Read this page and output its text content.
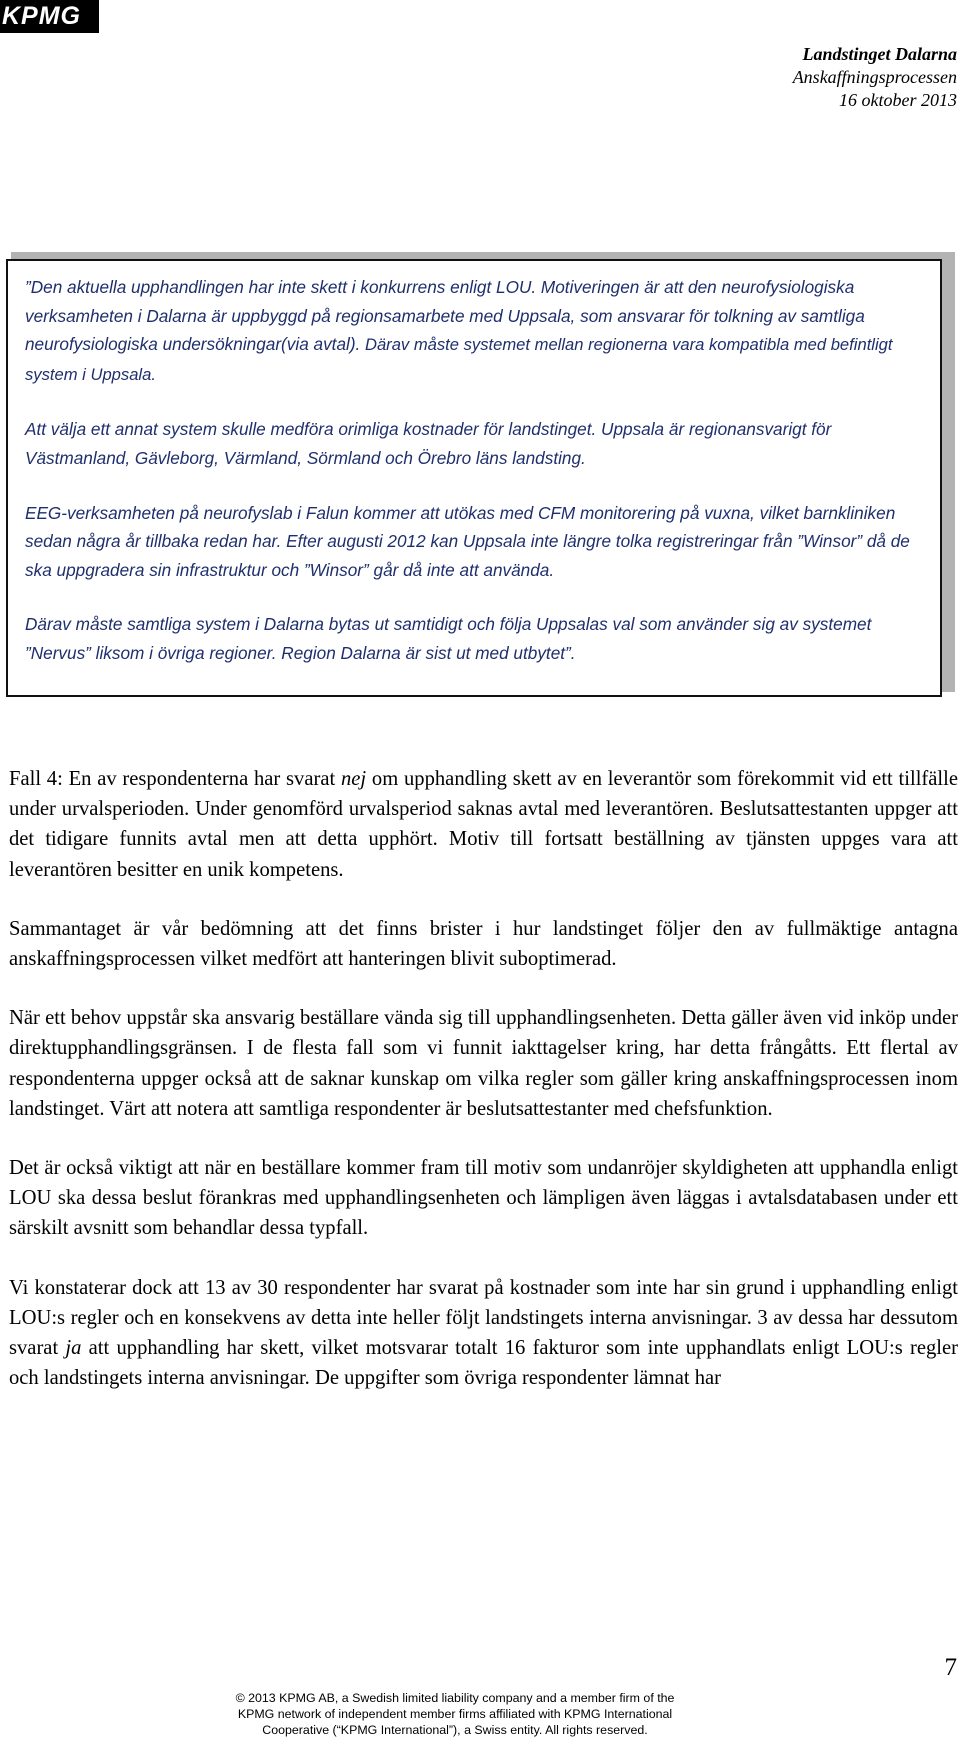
KPMG
Landstinget Dalarna
Anskaffningsprocessen
16 oktober 2013

”Den aktuella upphandlingen har inte skett i konkurrens enligt LOU. Motiveringen är att den neurofysiologiska verksamheten i Dalarna är uppbyggd på regionsamarbete med Uppsala, som ansvarar för tolkning av samtliga neurofysiologiska undersökningar(via avtal). Därav måste systemet mellan regionerna vara kompatibla med befintligt system i Uppsala.

Att välja ett annat system skulle medföra orimliga kostnader för landstinget. Uppsala är regionansvarigt för Västmanland, Gävleborg, Värmland, Sörmland och Örebro läns landsting.

EEG-verksamheten på neurofyslab i Falun kommer att utökas med CFM monitorering på vuxna, vilket barnkliniken sedan några år tillbaka redan har. Efter augusti 2012 kan Uppsala inte längre tolka registreringar från ”Winsor” då de ska uppgradera sin infrastruktur och ”Winsor” går då inte att använda.

Därav måste samtliga system i Dalarna bytas ut samtidigt och följa Uppsalas val som använder sig av systemet ”Nervus” liksom i övriga regioner. Region Dalarna är sist ut med utbytet”.

Fall 4: En av respondenterna har svarat nej om upphandling skett av en leverantör som förekommit vid ett tillfälle under urvalsperioden. Under genomförd urvalsperiod saknas avtal med leverantören. Beslutsattestanten uppger att det tidigare funnits avtal men att detta upphört. Motiv till fortsatt beställning av tjänsten uppges vara att leverantören besitter en unik kompetens.

Sammantaget är vår bedömning att det finns brister i hur landstinget följer den av fullmäktige antagna anskaffningsprocessen vilket medfört att hanteringen blivit suboptimerad.

När ett behov uppstår ska ansvarig beställare vända sig till upphandlingsenheten. Detta gäller även vid inköp under direktupphandlingsgränsen. I de flesta fall som vi funnit iakttagelser kring, har detta frångåtts. Ett flertal av respondenterna uppger också att de saknar kunskap om vilka regler som gäller kring anskaffningsprocessen inom landstinget. Värt att notera att samtliga respondenter är beslutsattestanter med chefsfunktion.

Det är också viktigt att när en beställare kommer fram till motiv som undanröjer skyldigheten att upphandla enligt LOU ska dessa beslut förankras med upphandlingsenheten och lämpligen även läggas i avtalsdatabasen under ett särskilt avsnitt som behandlar dessa typfall.

Vi konstaterar dock att 13 av 30 respondenter har svarat på kostnader som inte har sin grund i upphandling enligt LOU:s regler och en konsekvens av detta inte heller följt landstingets interna anvisningar. 3 av dessa har dessutom svarat ja att upphandling har skett, vilket motsvarar totalt 16 fakturor som inte upphandlats enligt LOU:s regler och landstingets interna anvisningar. De uppgifter som övriga respondenter lämnat har

7
© 2013 KPMG AB, a Swedish limited liability company and a member firm of the
KPMG network of independent member firms affiliated with KPMG International
Cooperative (“KPMG International”), a Swiss entity. All rights reserved.
